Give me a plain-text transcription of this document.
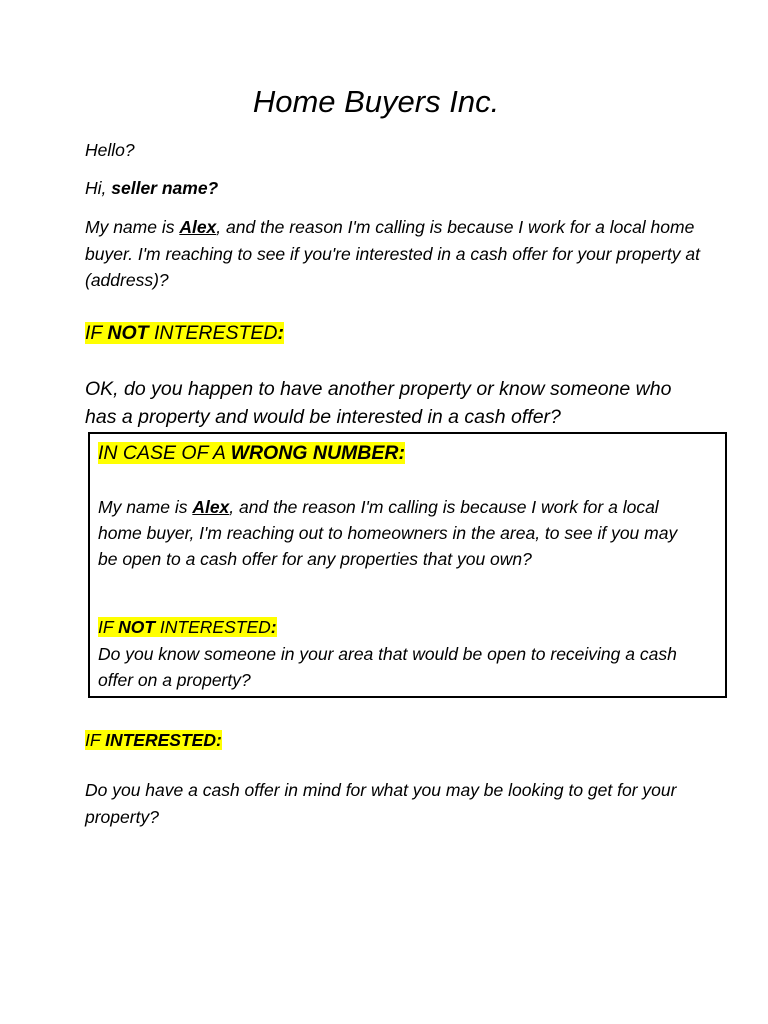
Home Buyers Inc.

Hello?

Hi, seller name?

My name is Alex, and the reason I'm calling is because I work for a local home buyer. I'm reaching to see if you're interested in a cash offer for your property at (address)?

IF NOT INTERESTED:

OK, do you happen to have another property or know someone who has a property and would be interested in a cash offer?

IN CASE OF A WRONG NUMBER:

My name is Alex, and the reason I'm calling is because I work for a local home buyer, I'm reaching out to homeowners in the area, to see if you may be open to a cash offer for any properties that you own?

IF NOT INTERESTED:

Do you know someone in your area that would be open to receiving a cash offer on a property?

IF INTERESTED:

Do you have a cash offer in mind for what you may be looking to get for your property?
